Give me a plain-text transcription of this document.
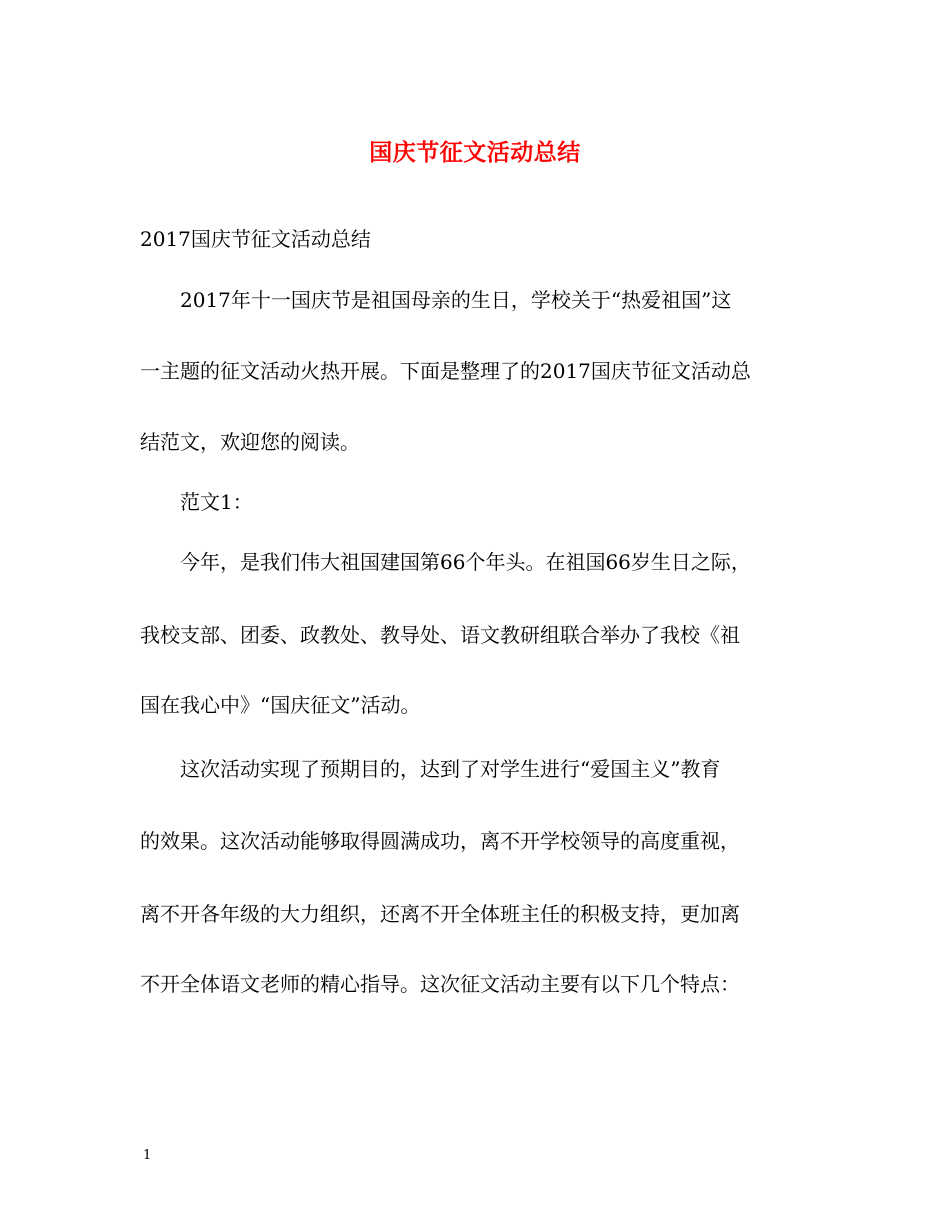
国庆节征文活动总结
2017国庆节征文活动总结
2017年十一国庆节是祖国母亲的生日，学校关于“热爱祖国”这
一主题的征文活动火热开展。下面是整理了的2017国庆节征文活动总
结范文，欢迎您的阅读。
范文1：
今年，是我们伟大祖国建国第66个年头。在祖国66岁生日之际，
我校支部、团委、政教处、教导处、语文教研组联合举办了我校《祖
国在我心中》“国庆征文”活动。
这次活动实现了预期目的，达到了对学生进行“爱国主义”教育
的效果。这次活动能够取得圆满成功，离不开学校领导的高度重视，
离不开各年级的大力组织，还离不开全体班主任的积极支持，更加离
不开全体语文老师的精心指导。这次征文活动主要有以下几个特点：
1
